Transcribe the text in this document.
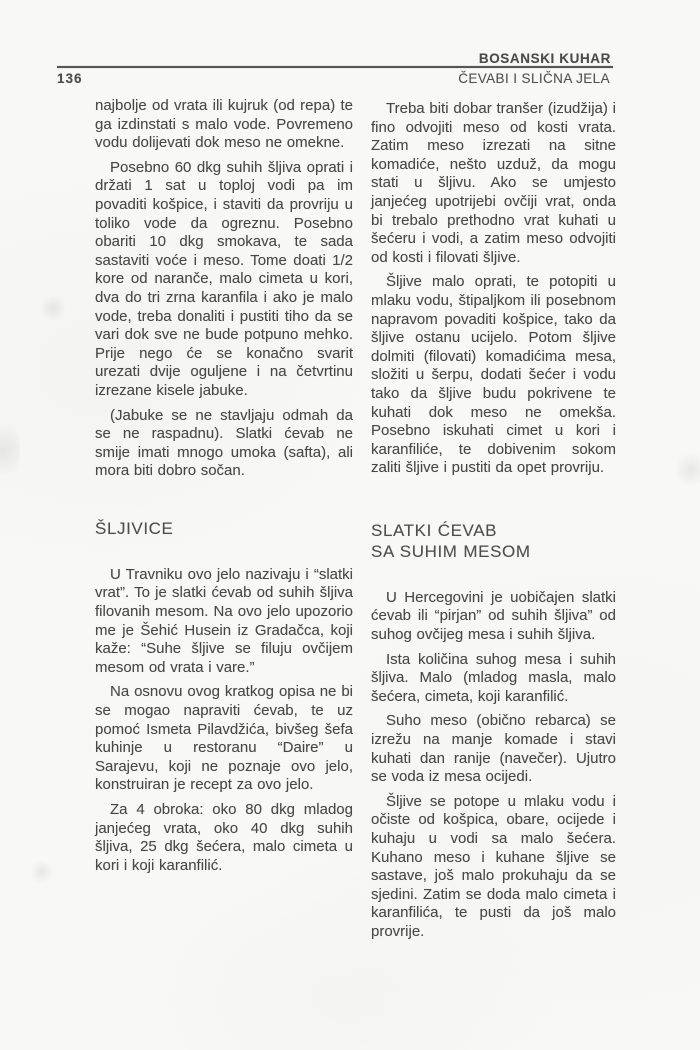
BOSANSKI KUHAR
136	ČEVABI I SLIČNA JELA

najbolje od vrata ili kujruk (od repa) te ga izdinstati s malo vode. Povremeno vodu dolijevati dok meso ne omekne.

Posebno 60 dkg suhih šljiva oprati i držati 1 sat u toploj vodi pa im povaditi košpice, i staviti da provriju u toliko vode da ogreznu. Posebno obariti 10 dkg smokava, te sada sastaviti voće i meso. Tome doati 1/2 kore od naranče, malo cimeta u kori, dva do tri zrna karanfila i ako je malo vode, treba donaliti i pustiti tiho da se vari dok sve ne bude potpuno mehko. Prije nego će se konačno svarit urezati dvije oguljene i na četvrtinu izrezane kisele jabuke.

(Jabuke se ne stavljaju odmah da se ne raspadnu). Slatki ćevab ne smije imati mnogo umoka (safta), ali mora biti dobro sočan.

ŠLJIVICE

U Travniku ovo jelo nazivaju i “slatki vrat”. To je slatki ćevab od suhih šljiva filovanih mesom. Na ovo jelo upozorio me je Šehić Husein iz Gradačca, koji kaže: “Suhe šljive se filuju ovčijem mesom od vrata i vare.”

Na osnovu ovog kratkog opisa ne bi se mogao napraviti ćevab, te uz pomoć Ismeta Pilavdžića, bivšeg šefa kuhinje u restoranu “Daire” u Sarajevu, koji ne poznaje ovo jelo, konstruiran je recept za ovo jelo.

Za 4 obroka: oko 80 dkg mladog janjećeg vrata, oko 40 dkg suhih šljiva, 25 dkg šećera, malo cimeta u kori i koji karanfilić.

Treba biti dobar tranšer (izudžija) i fino odvojiti meso od kosti vrata. Zatim meso izrezati na sitne komadiće, nešto uzduž, da mogu stati u šljivu. Ako se umjesto janjećeg upotrijebi ovčiji vrat, onda bi trebalo prethodno vrat kuhati u šećeru i vodi, a zatim meso odvojiti od kosti i filovati šljive.

Šljive malo oprati, te potopiti u mlaku vodu, štipaljkom ili posebnom napravom povaditi košpice, tako da šljive ostanu ucijelo. Potom šljive dolmiti (filovati) komadićima mesa, složiti u šerpu, dodati šećer i vodu tako da šljive budu pokrivene te kuhati dok meso ne omekša. Posebno iskuhati cimet u kori i karanfiliće, te dobivenim sokom zaliti šljive i pustiti da opet provriju.

SLATKI ĆEVAB
SA SUHIM MESOM

U Hercegovini je uobičajen slatki ćevab ili “pirjan” od suhih šljiva” od suhog ovčijeg mesa i suhih šljiva.

Ista količina suhog mesa i suhih šljiva. Malo (mladog masla, malo šećera, cimeta, koji karanfilić.

Suho meso (obično rebarca) se izrežu na manje komade i stavi kuhati dan ranije (navečer). Ujutro se voda iz mesa ocijedi.

Šljive se potope u mlaku vodu i očiste od košpica, obare, ocijede i kuhaju u vodi sa malo šećera. Kuhano meso i kuhane šljive se sastave, još malo prokuhaju da se sjedini. Zatim se doda malo cimeta i karanfilića, te pusti da još malo provrije.
